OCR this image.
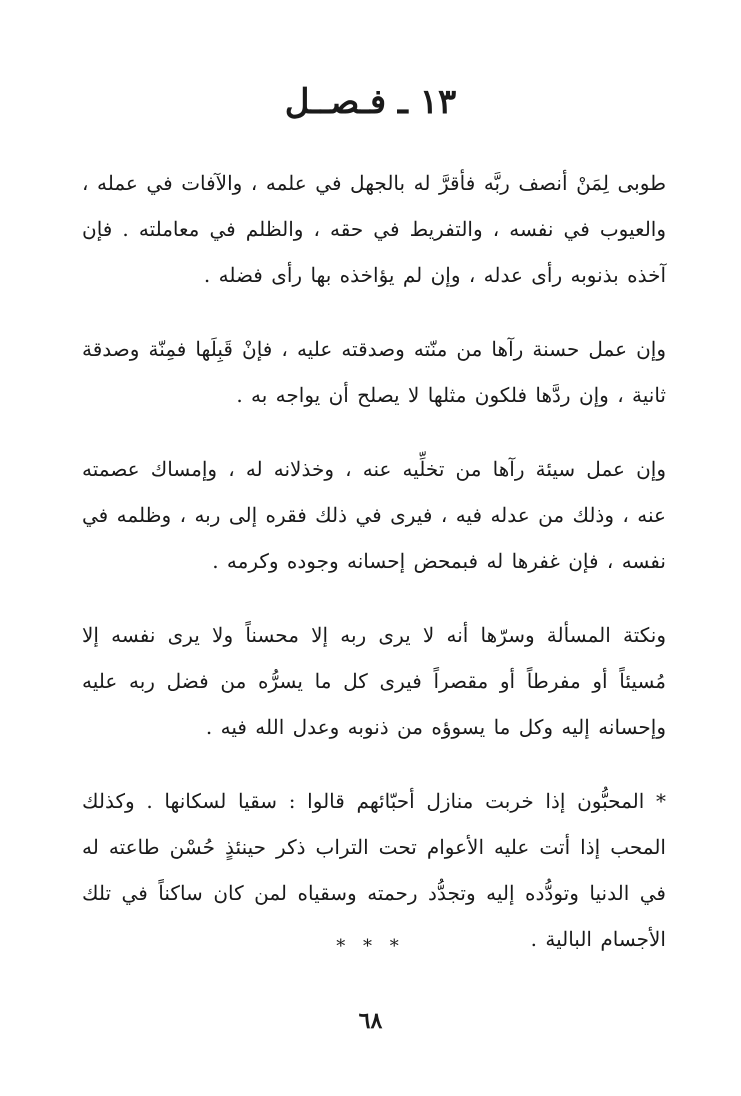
١٣ ـ فـصــل

طوبى لِمَنْ أنصف ربَّه فأقرَّ له بالجهل في علمه ، والآفات في عمله ، والعيوب في نفسه ، والتفريط في حقه ، والظلم في معاملته . فإن آخذه بذنوبه رأى عدله ، وإن لم يؤاخذه بها رأى فضله .

وإن عمل حسنة رآها من منّته وصدقته عليه ، فإنْ قَبِلَها فمِنّة وصدقة ثانية ، وإن ردَّها فلكون مثلها لا يصلح أن يواجه به .

وإن عمل سيئة رآها من تخلِّيه عنه ، وخذلانه له ، وإمساك عصمته عنه ، وذلك من عدله فيه ، فيرى في ذلك فقره إلى ربه ، وظلمه في نفسه ، فإن غفرها له فبمحض إحسانه وجوده وكرمه .

ونكتة المسألة وسرّها أنه لا يرى ربه إلا محسناً ولا يرى نفسه إلا مُسيئاً أو مفرطاً أو مقصراً فيرى كل ما يسرُّه من فضل ربه عليه وإحسانه إليه وكل ما يسوؤه من ذنوبه وعدل الله فيه .

* المحبُّون إذا خربت منازل أحبّائهم قالوا : سقيا لسكانها . وكذلك المحب إذا أتت عليه الأعوام تحت التراب ذكر حينئذٍ حُسْن طاعته له في الدنيا وتودُّده إليه وتجدُّد رحمته وسقياه لمن كان ساكناً في تلك الأجسام البالية .

* * *
٦٨
